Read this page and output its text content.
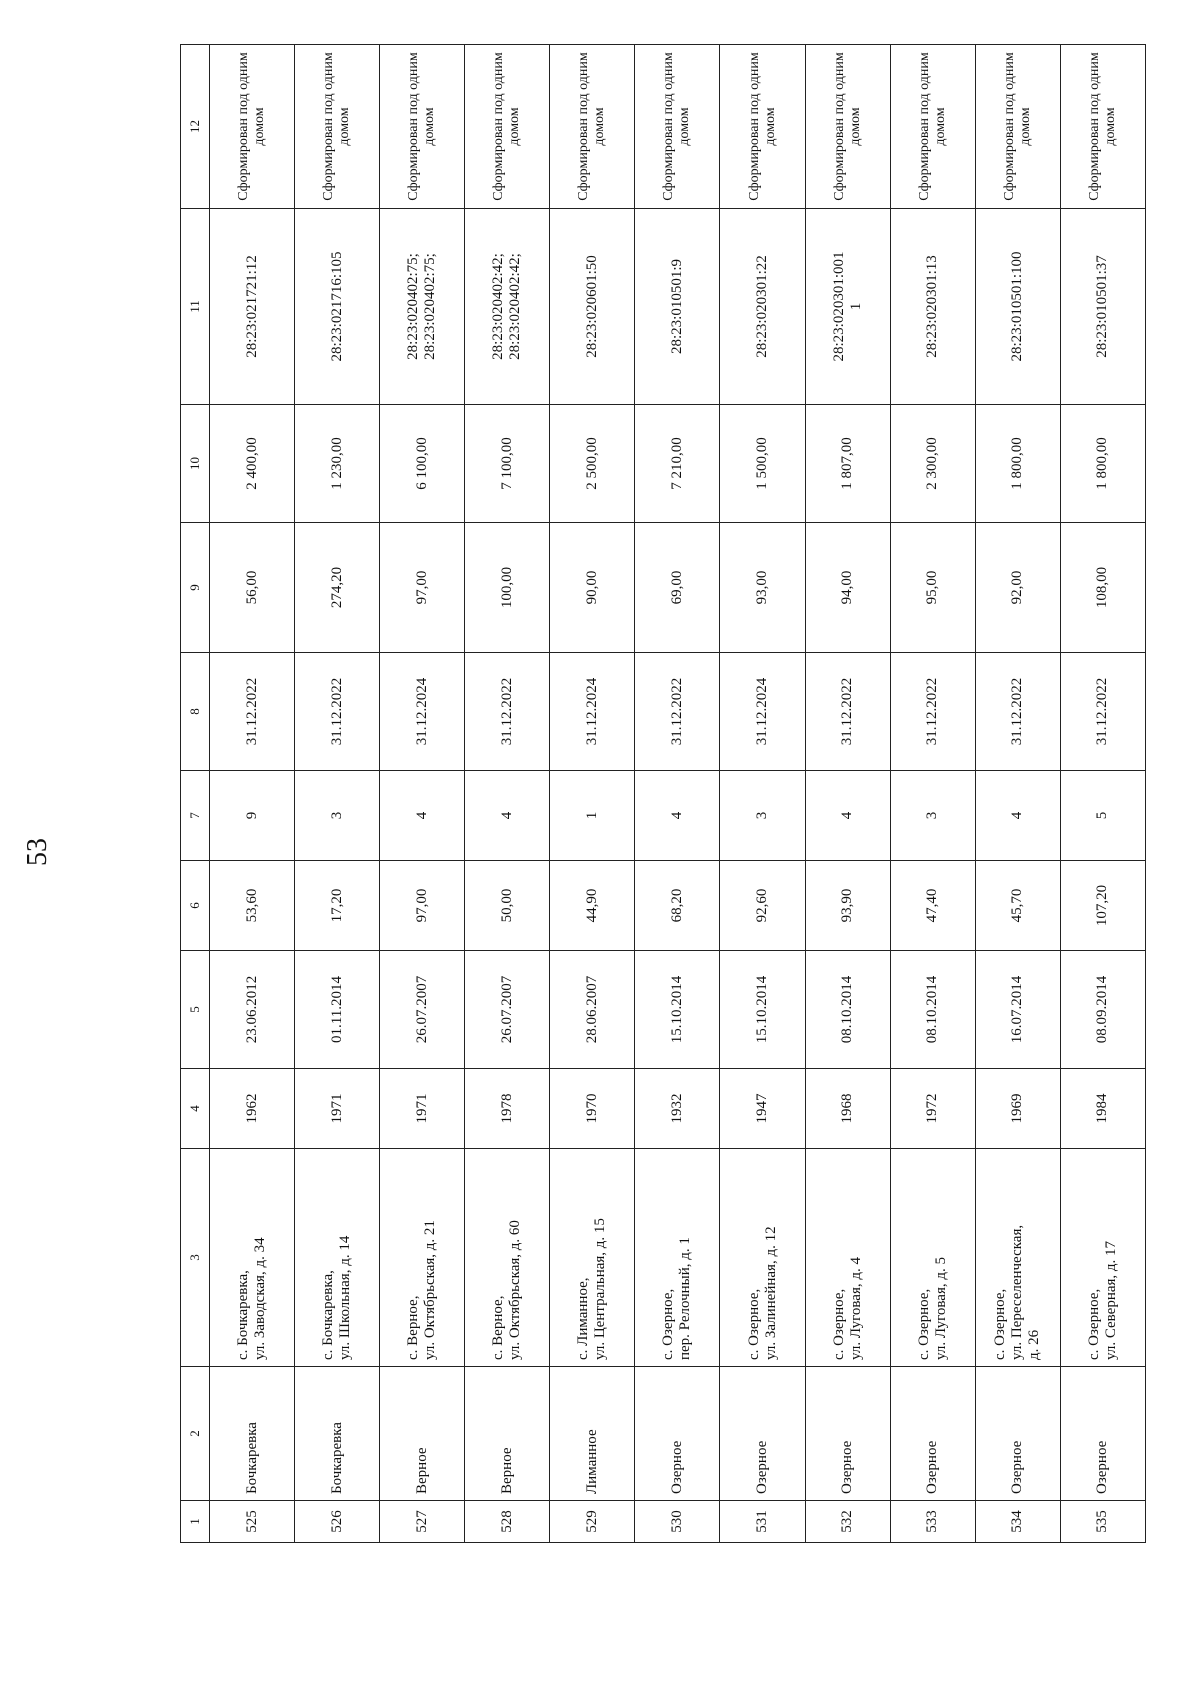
53
1	2	3	4	5	6	7	8	9	10	11	12
525	Бочкаревка	с. Бочкаревка, ул. Заводская, д. 34	1962	23.06.2012	53,60	9	31.12.2022	56,00	2 400,00	28:23:021721:12	Сформирован под одним домом
526	Бочкаревка	с. Бочкаревка, ул. Школьная, д. 14	1971	01.11.2014	17,20	3	31.12.2022	274,20	1 230,00	28:23:021716:105	Сформирован под одним домом
527	Верное	с. Верное, ул. Октябрьская, д. 21	1971	26.07.2007	97,00	4	31.12.2024	97,00	6 100,00	28:23:020402:75; 28:23:020402:75;	Сформирован под одним домом
528	Верное	с. Верное, ул. Октябрьская, д. 60	1978	26.07.2007	50,00	4	31.12.2022	100,00	7 100,00	28:23:020402:42; 28:23:020402:42;	Сформирован под одним домом
529	Лиманное	с. Лиманное, ул. Центральная, д. 15	1970	28.06.2007	44,90	1	31.12.2024	90,00	2 500,00	28:23:020601:50	Сформирован под одним домом
530	Озерное	с. Озерное, пер. Релочный, д. 1	1932	15.10.2014	68,20	4	31.12.2022	69,00	7 210,00	28:23:010501:9	Сформирован под одним домом
531	Озерное	с. Озерное, ул. Залинейная, д. 12	1947	15.10.2014	92,60	3	31.12.2024	93,00	1 500,00	28:23:020301:22	Сформирован под одним домом
532	Озерное	с. Озерное, ул. Луговая, д. 4	1968	08.10.2014	93,90	4	31.12.2022	94,00	1 807,00	28:23:020301:001 1	Сформирован под одним домом
533	Озерное	с. Озерное, ул. Луговая, д. 5	1972	08.10.2014	47,40	3	31.12.2022	95,00	2 300,00	28:23:020301:13	Сформирован под одним домом
534	Озерное	с. Озерное, ул. Переселенческая, д. 26	1969	16.07.2014	45,70	4	31.12.2022	92,00	1 800,00	28:23:010501:100	Сформирован под одним домом
535	Озерное	с. Озерное, ул. Северная, д. 17	1984	08.09.2014	107,20	5	31.12.2022	108,00	1 800,00	28:23:010501:37	Сформирован под одним домом
